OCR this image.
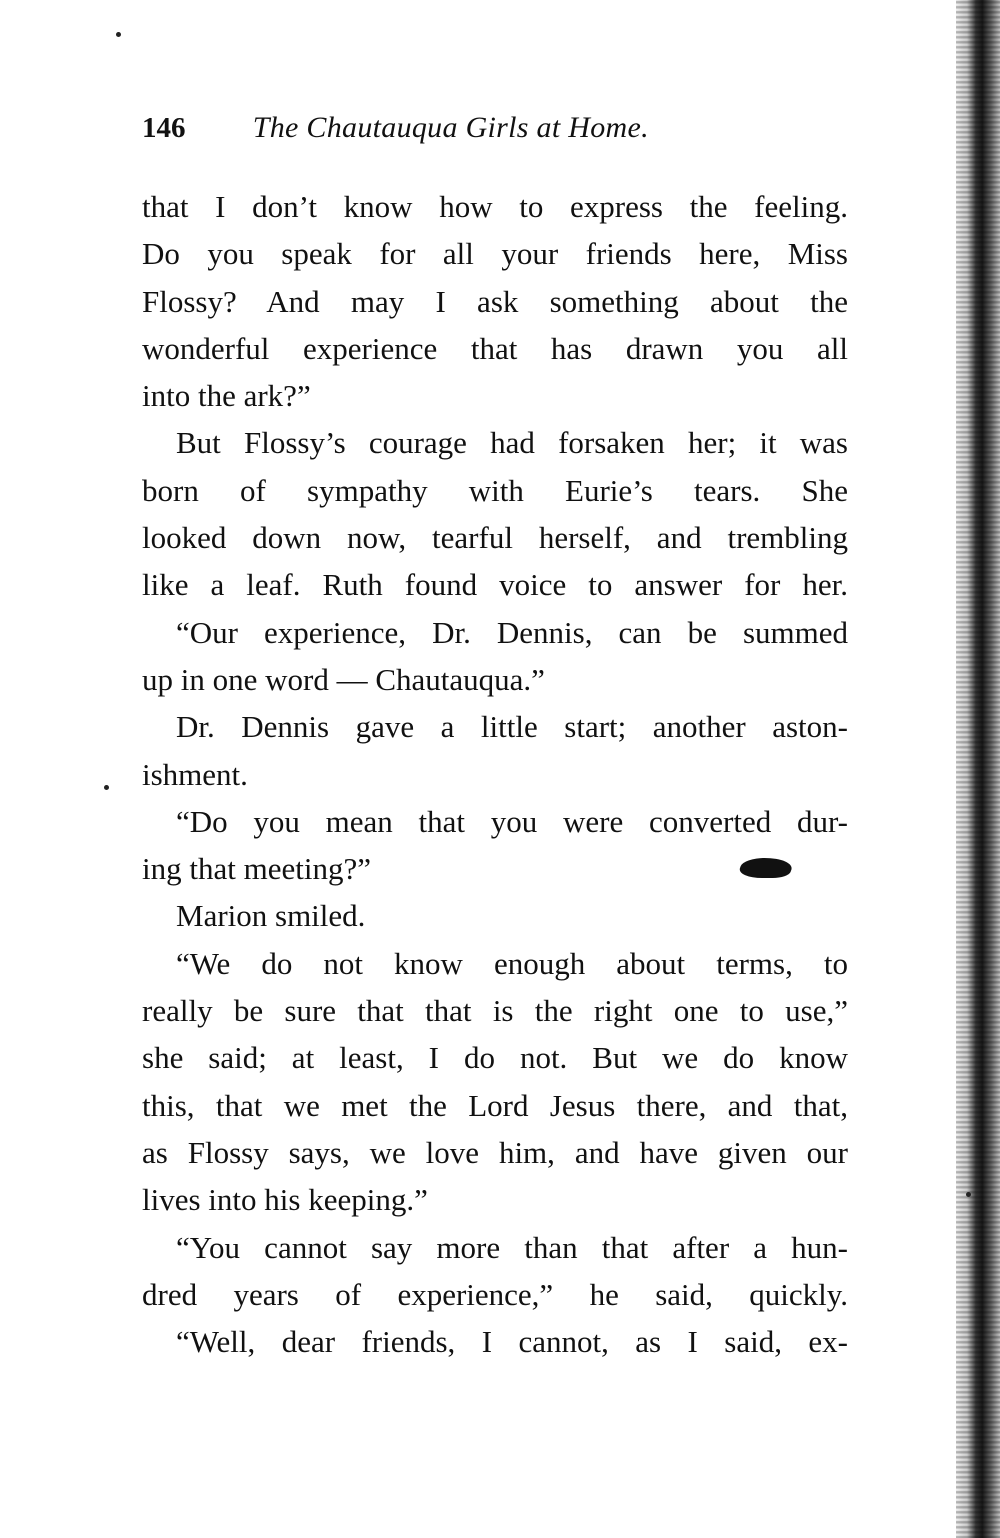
146 The Chautauqua Girls at Home.
that I don’t know how to express the feeling.
Do you speak for all your friends here, Miss
Flossy? And may I ask something about the
wonderful experience that has drawn you all
into the ark?”
But Flossy’s courage had forsaken her; it was
born of sympathy with Eurie’s tears. She
looked down now, tearful herself, and trembling
like a leaf. Ruth found voice to answer for her.
“Our experience, Dr. Dennis, can be summed
up in one word — Chautauqua.”
Dr. Dennis gave a little start; another aston-
ishment.
“Do you mean that you were converted dur-
ing that meeting?”
Marion smiled.
“We do not know enough about terms, to
really be sure that that is the right one to use,”
she said; at least, I do not. But we do know
this, that we met the Lord Jesus there, and that,
as Flossy says, we love him, and have given our
lives into his keeping.”
“You cannot say more than that after a hun-
dred years of experience,” he said, quickly.
“Well, dear friends, I cannot, as I said, ex-
